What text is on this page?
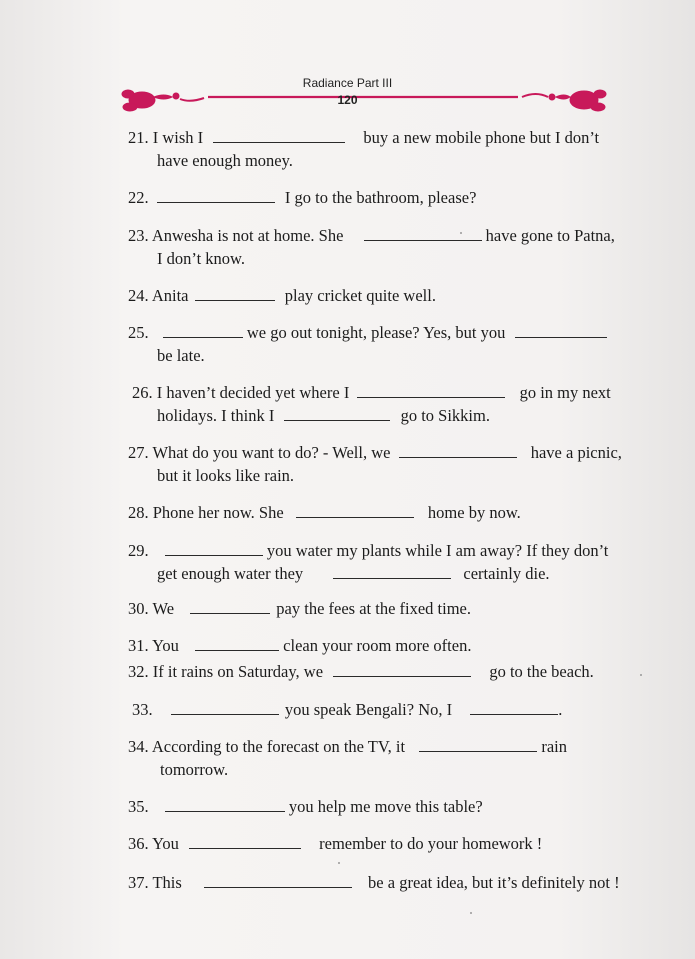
Radiance Part III
120
21. I wish I	buy a new mobile phone but I don’t
have enough money.
22.	I go to the bathroom, please?
23. Anwesha is not at home. She	have gone to Patna,
I don’t know.
24. Anita	play cricket quite well.
25.	we go out tonight, please? Yes, but you
be late.
26. I haven’t decided yet where I	go in my next
holidays. I think I	go to Sikkim.
27. What do you want to do? - Well, we	have a picnic,
but it looks like rain.
28. Phone her now. She	home by now.
29.	you water my plants while I am away? If they don’t
get enough water they	certainly die.
30. We	pay the fees at the fixed time.
31. You	clean your room more often.
32. If it rains on Saturday, we	go to the beach.
33.	you speak Bengali? No, I	.
34. According to the forecast on the TV, it	rain
tomorrow.
35.	you help me move this table?
36. You	remember to do your homework !
37. This	be a great idea, but it’s definitely not !
